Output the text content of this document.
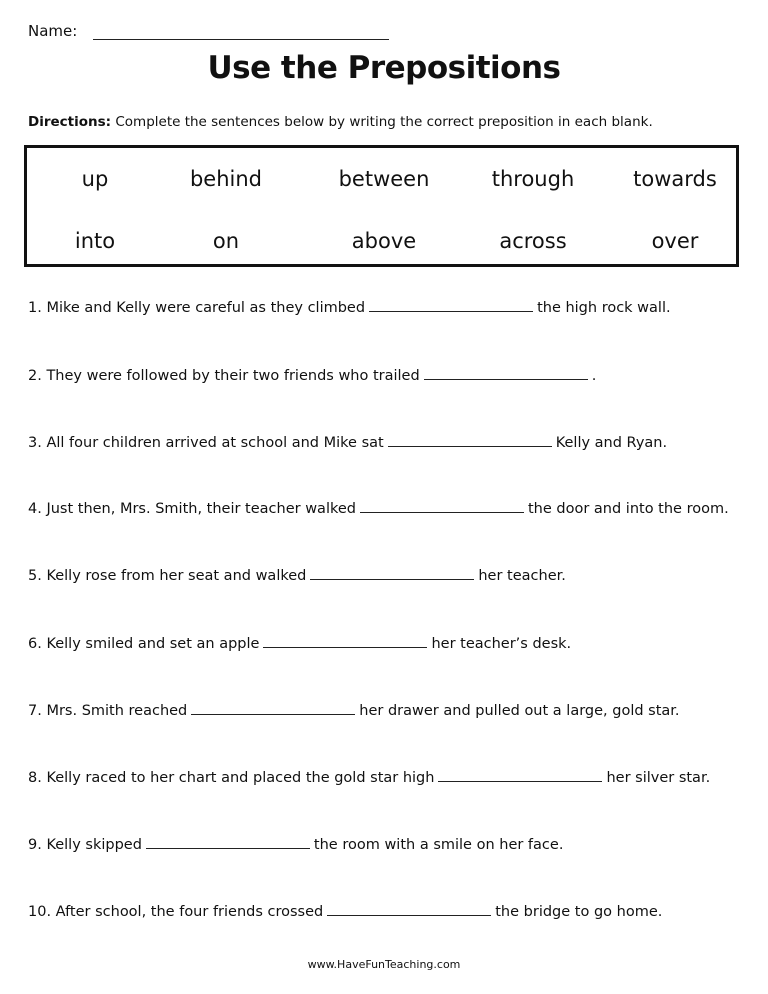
Name:
Use the Prepositions
Directions: Complete the sentences below by writing the correct preposition in each blank.
up	behind	between	through	towards
into	on	above	across	over
1. Mike and Kelly were careful as they climbed	the high rock wall.
2. They were followed by their two friends who trailed	.
3. All four children arrived at school and Mike sat	Kelly and Ryan.
4. Just then, Mrs. Smith, their teacher walked	the door and into the room.
5. Kelly rose from her seat and walked	her teacher.
6. Kelly smiled and set an apple	her teacher’s desk.
7. Mrs. Smith reached	her drawer and pulled out a large, gold star.
8. Kelly raced to her chart and placed the gold star high	her silver star.
9. Kelly skipped	the room with a smile on her face.
10. After school, the four friends crossed	the bridge to go home.
www.HaveFunTeaching.com
